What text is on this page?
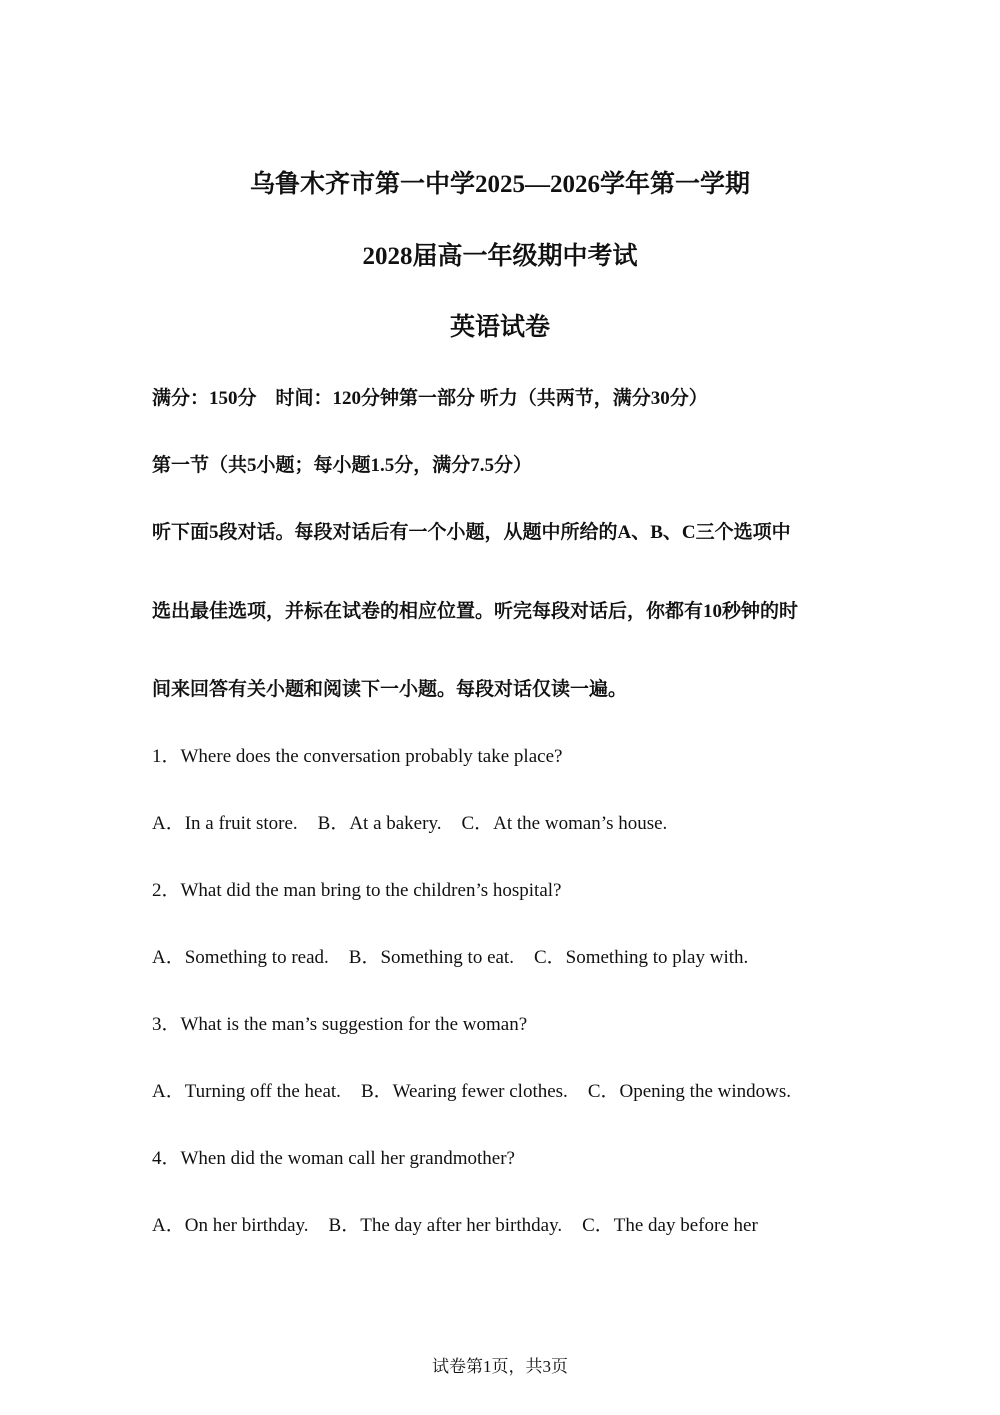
乌鲁木齐市第一中学2025—2026学年第一学期
2028届高一年级期中考试
英语试卷
满分：150分　时间：120分钟第一部分 听力（共两节，满分30分）
第一节（共5小题；每小题1.5分，满分7.5分）
听下面5段对话。每段对话后有一个小题，从题中所给的A、B、C三个选项中
选出最佳选项，并标在试卷的相应位置。听完每段对话后，你都有10秒钟的时
间来回答有关小题和阅读下一小题。每段对话仅读一遍。
1．Where does the conversation probably take place?
A．In a fruit store. B．At a bakery. C．At the woman’s house.
2．What did the man bring to the children’s hospital?
A．Something to read. B．Something to eat. C．Something to play with.
3．What is the man’s suggestion for the woman?
A．Turning off the heat. B．Wearing fewer clothes. C．Opening the windows.
4．When did the woman call her grandmother?
A．On her birthday. B．The day after her birthday. C．The day before her
试卷第1页，共3页
